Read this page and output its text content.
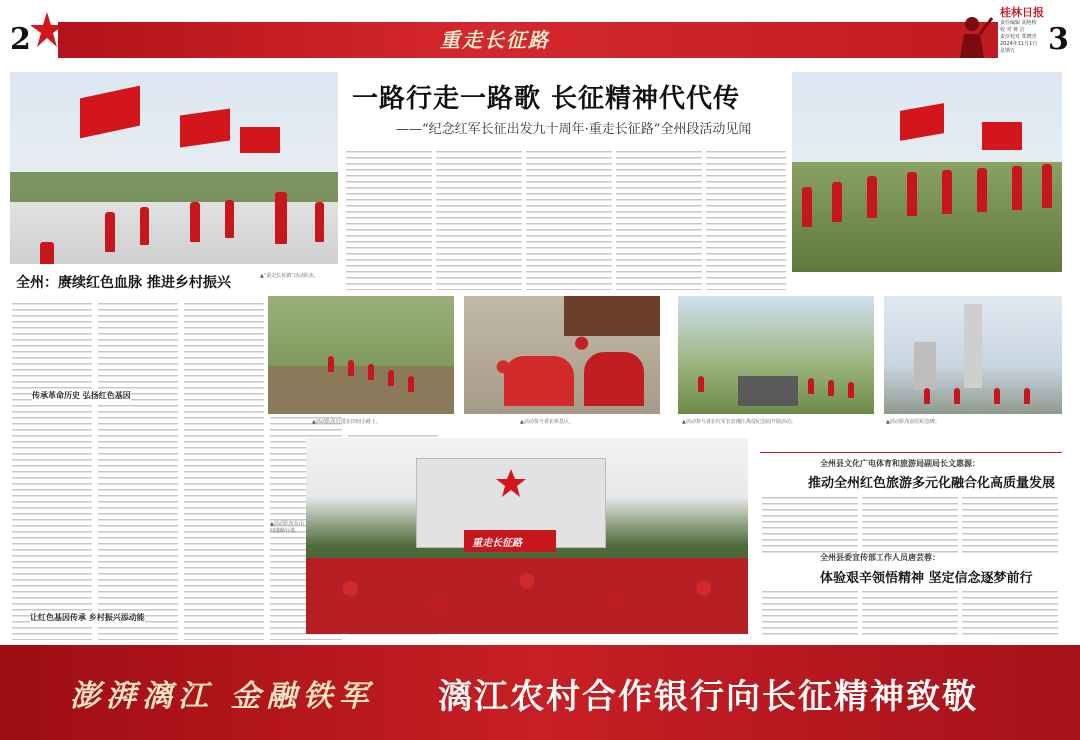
2	重走长征路
桂林日报
责任编辑 胡艳秋
校 对 蒋 洁
责任校对 郑晓青
2024年11月1日 星期五	3
▲“重走长征路”活动队伍。
全州：赓续红色血脉 推进乡村振兴
传承革命历史 弘扬红色基因
让红色基因传承 乡村振兴添动能
一路行走一路歌 长征精神代代传
——“纪念红军长征出发九十周年·重走长征路”全州段活动见闻
▲活动队伍行进在田间小路上。	▲活动参与者在休息区。	▲活动参与者在红军长征湘江战役纪念园开展活动。	▲活动队伍前往纪念碑。
重走长征路
▲活动队伍在山间道路行进。
全州县文化广电体育和旅游局副局长文惠源：
推动全州红色旅游多元化融合化高质量发展
全州县委宣传部工作人员唐芸蓉：
体验艰辛领悟精神 坚定信念逐梦前行
澎湃漓江 金融铁军 漓江农村合作银行向长征精神致敬
